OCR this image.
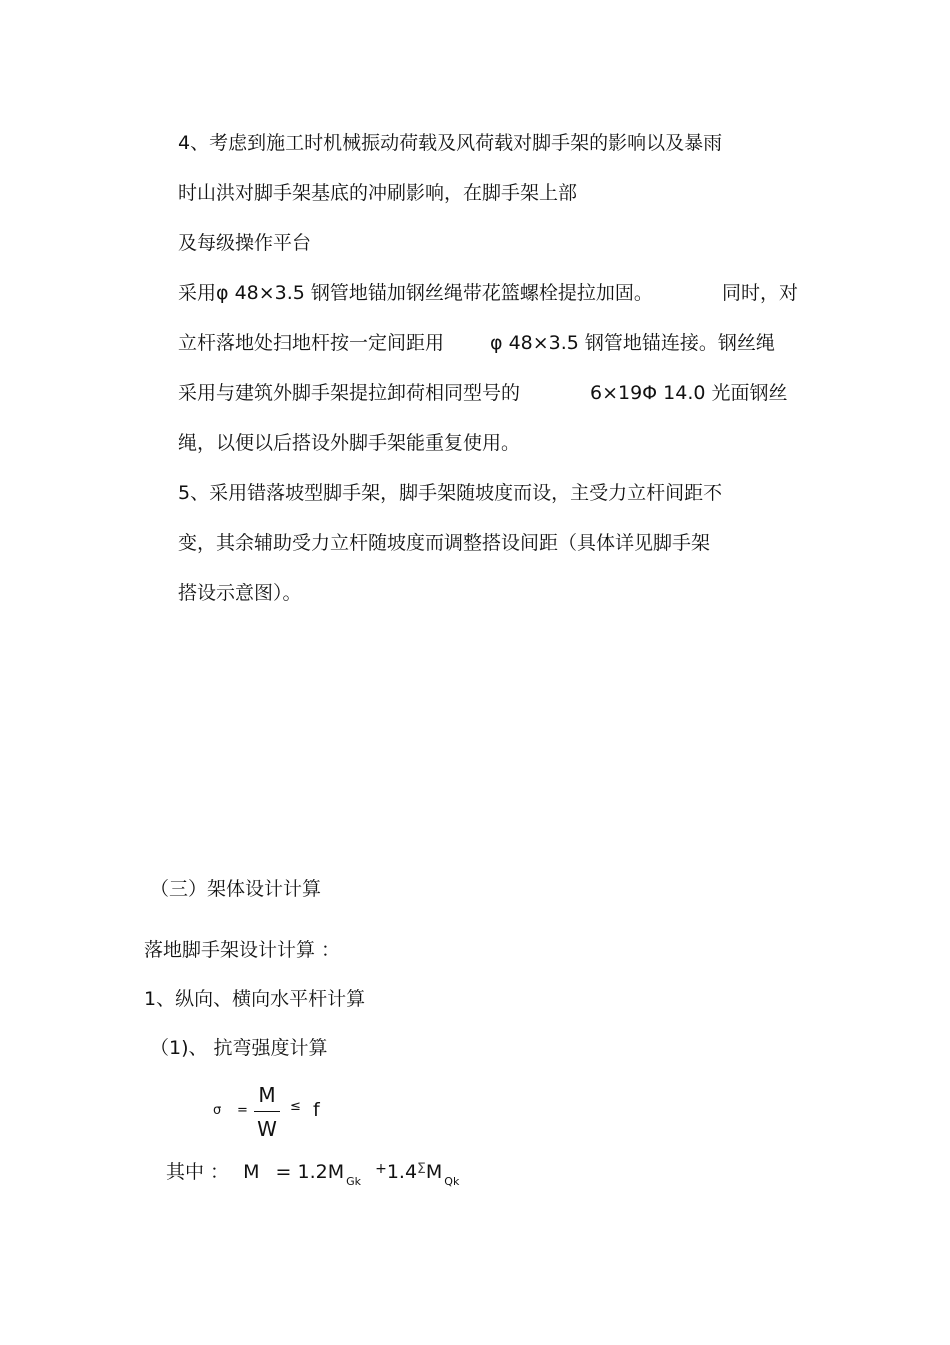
4、考虑到施工时机械振动荷载及风荷载对脚手架的影响以及暴雨
时山洪对脚手架基底的冲刷影响，在脚手架上部
及每级操作平台
采用φ 48×3.5 钢管地锚加钢丝绳带花篮螺栓提拉加固。	同时，对
立杆落地处扫地杆按一定间距用 φ 48×3.5 钢管地锚连接。钢丝绳
采用与建筑外脚手架提拉卸荷相同型号的	6×19Φ 14.0 光面钢丝
绳，以便以后搭设外脚手架能重复使用。
5、采用错落坡型脚手架，脚手架随坡度而设，主受力立杆间距不
变，其余辅助受力立杆随坡度而调整搭设间距（具体详见脚手架
搭设示意图）。
（三）架体设计计算
落地脚手架设计计算 ：
1、纵向、横向水平杆计算
（1)、 抗弯强度计算
σ =
M
W
≤ f
其中 ： M = 1.2M $_{Gk}$ $^+1.4^\Sigma M$ $_{Qk}$
